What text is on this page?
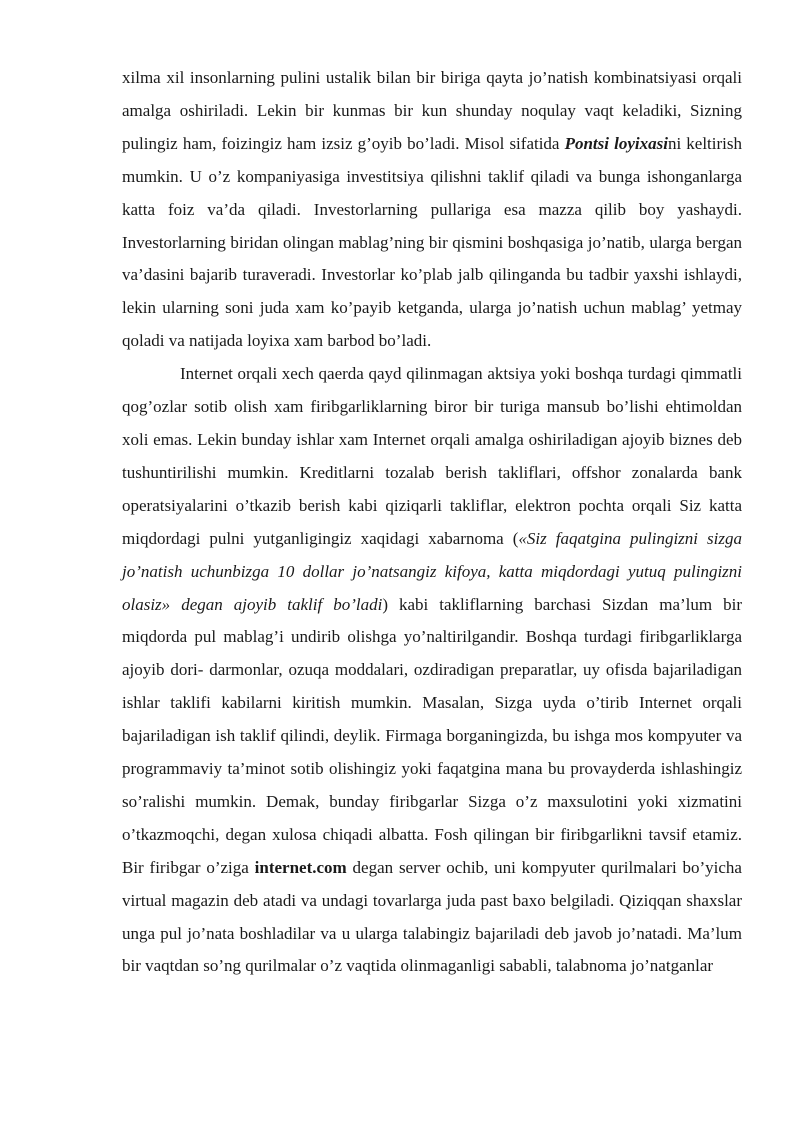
xilma xil insonlarning pulini ustalik bilan bir biriga qayta jo’natish kombinatsiyasi orqali amalga oshiriladi. Lekin bir kunmas bir kun shunday noqulay vaqt keladiki, Sizning pulingiz ham, foizingiz ham izsiz g’oyib bo’ladi. Misol sifatida Pontsi loyixasini keltirish mumkin. U o’z kompaniyasiga investitsiya qilishni taklif qiladi va bunga ishonganlarga katta foiz va’da qiladi. Investorlarning pullariga esa mazza qilib boy yashaydi. Investorlarning biridan olingan mablag’ning bir qismini boshqasiga jo’natib, ularga bergan va’dasini bajarib turaveradi. Investorlar ko’plab jalb qilinganda bu tadbir yaxshi ishlaydi, lekin ularning soni juda xam ko’payib ketganda, ularga jo’natish uchun mablag’ yetmay qoladi va natijada loyixa xam barbod bo’ladi.

Internet orqali xech qaerda qayd qilinmagan aktsiya yoki boshqa turdagi qimmatli qog’ozlar sotib olish xam firibgarliklarning biror bir turiga mansub bo’lishi ehtimoldan xoli emas. Lekin bunday ishlar xam Internet orqali amalga oshiriladigan ajoyib biznes deb tushuntirilishi mumkin. Kreditlarni tozalab berish takliflari, offshor zonalarda bank operatsiyalarini o’tkazib berish kabi qiziqarli takliflar, elektron pochta orqali Siz katta miqdordagi pulni yutganligingiz xaqidagi xabarnoma («Siz faqatgina pulingizni sizga jo’natish uchunbizga 10 dollar jo’natsangiz kifoya, katta miqdordagi yutuq pulingizni olasiz» degan ajoyib taklif bo’ladi) kabi takliflarning barchasi Sizdan ma’lum bir miqdorda pul mablag’i undirib olishga yo’naltirilgandir. Boshqa turdagi firibgarliklarga ajoyib dori- darmonlar, ozuqa moddalari, ozdiradigan preparatlar, uy ofisda bajariladigan ishlar taklifi kabilarni kiritish mumkin. Masalan, Sizga uyda o’tirib Internet orqali bajariladigan ish taklif qilindi, deylik. Firmaga borganingizda, bu ishga mos kompyuter va programmaviy ta’minot sotib olishingiz yoki faqatgina mana bu provayderda ishlashingiz so’ralishi mumkin. Demak, bunday firibgarlar Sizga o’z maxsulotini yoki xizmatini o’tkazmoqchi, degan xulosa chiqadi albatta. Fosh qilingan bir firibgarlikni tavsif etamiz. Bir firibgar o’ziga internet.com degan server ochib, uni kompyuter qurilmalari bo’yicha virtual magazin deb atadi va undagi tovarlarga juda past baxo belgiladi. Qiziqqan shaxslar unga pul jo’nata boshladilar va u ularga talabingiz bajariladi deb javob jo’natadi. Ma’lum bir vaqtdan so’ng qurilmalar o’z vaqtida olinmaganligi sababli, talabnoma jo’natganlar
